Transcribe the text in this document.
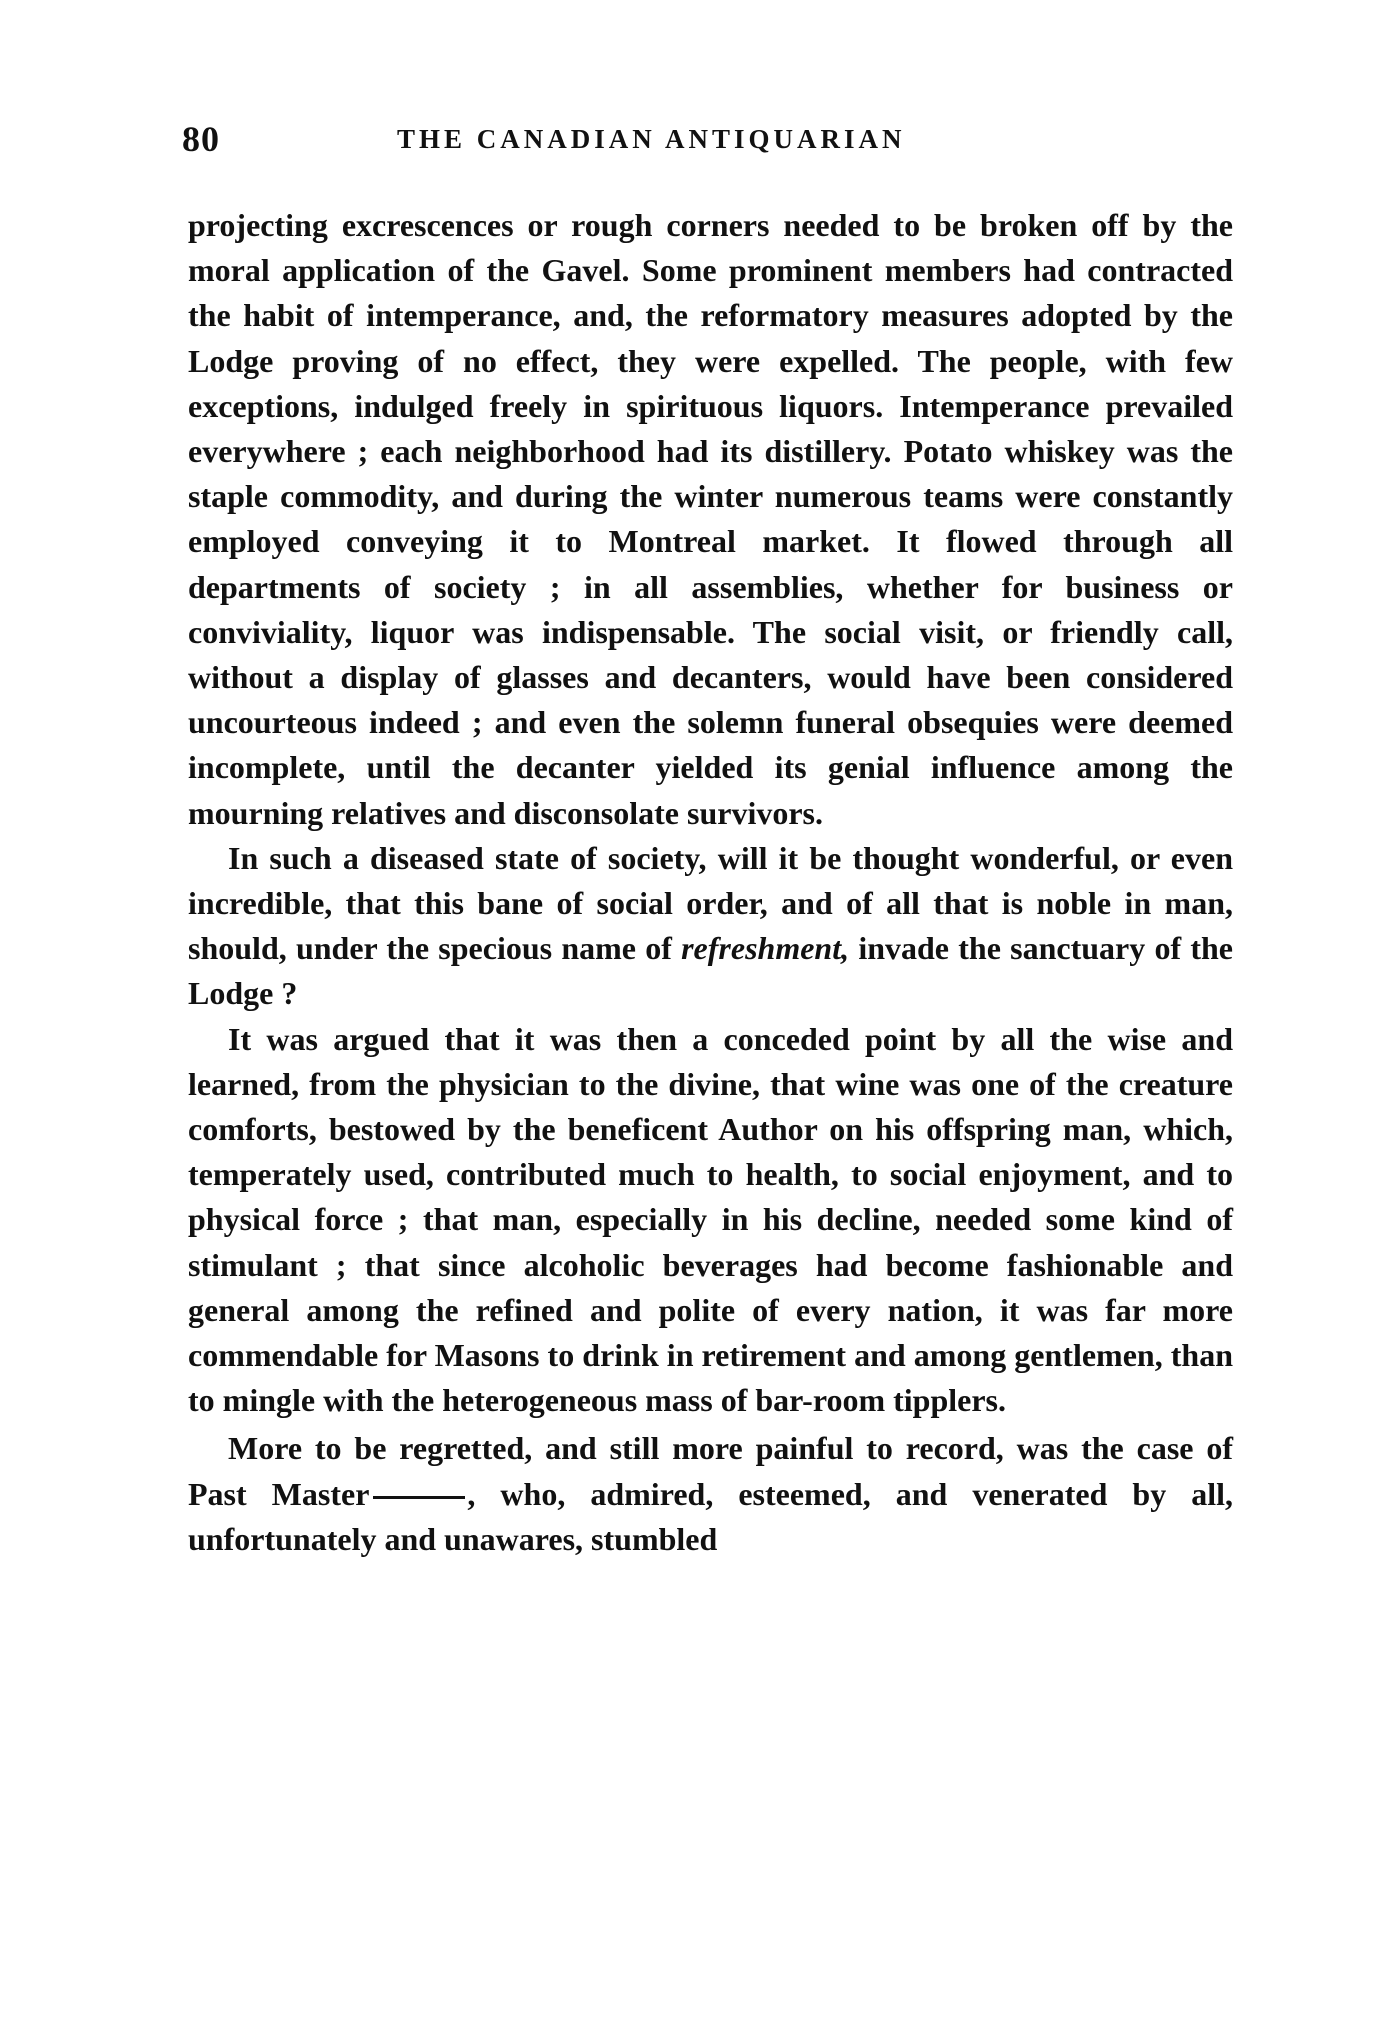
80	THE CANADIAN ANTIQUARIAN

projecting excrescences or rough corners needed to be broken off by the moral application of the Gavel. Some prominent members had contracted the habit of intemperance, and, the reformatory measures adopted by the Lodge proving of no effect, they were expelled. The people, with few exceptions, indulged freely in spirituous liquors. Intemperance prevailed everywhere ; each neighborhood had its distillery. Potato whiskey was the staple commodity, and during the winter numerous teams were constantly employed conveying it to Montreal market. It flowed through all departments of society ; in all assemblies, whether for business or conviviality, liquor was indispensable. The social visit, or friendly call, without a display of glasses and decanters, would have been considered uncourteous indeed ; and even the solemn funeral obsequies were deemed incomplete, until the decanter yielded its genial influence among the mourning relatives and disconsolate survivors.

In such a diseased state of society, will it be thought wonderful, or even incredible, that this bane of social order, and of all that is noble in man, should, under the specious name of refreshment, invade the sanctuary of the Lodge ?

It was argued that it was then a conceded point by all the wise and learned, from the physician to the divine, that wine was one of the creature comforts, bestowed by the beneficent Author on his offspring man, which, temperately used, contributed much to health, to social enjoyment, and to physical force ; that man, especially in his decline, needed some kind of stimulant ; that since alcoholic beverages had become fashionable and general among the refined and polite of every nation, it was far more commendable for Masons to drink in retirement and among gentlemen, than to mingle with the heterogeneous mass of bar-room tipplers.

More to be regretted, and still more painful to record, was the case of Past Master	, who, admired, esteemed, and venerated by all, unfortunately and unawares, stumbled
